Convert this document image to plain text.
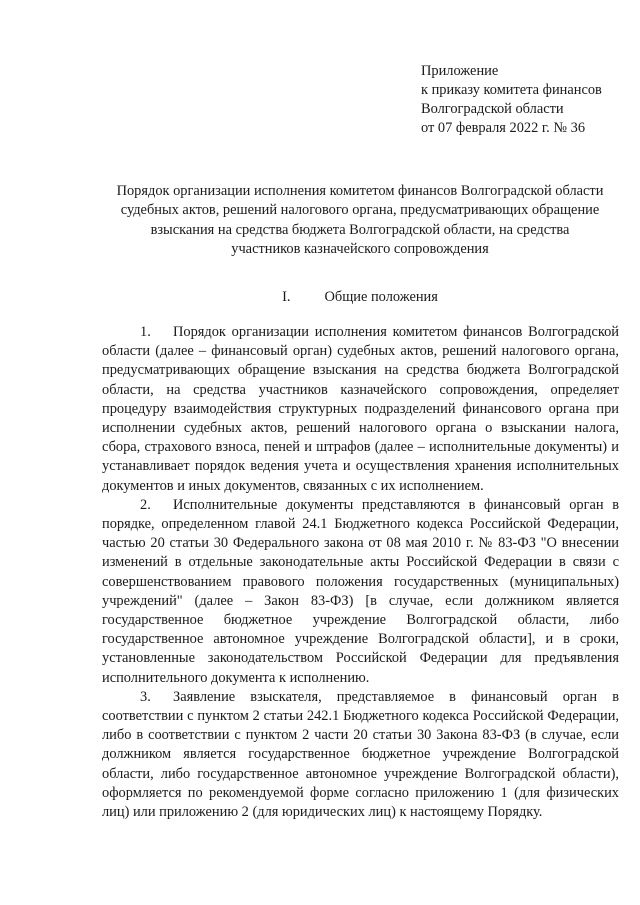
Приложение
к приказу комитета финансов
Волгоградской области
от 07 февраля 2022 г. № 36
Порядок организации исполнения комитетом финансов Волгоградской области
судебных актов, решений налогового органа, предусматривающих обращение
взыскания на средства бюджета Волгоградской области, на средства
участников казначейского сопровождения
I. Общие положения

1. Порядок организации исполнения комитетом финансов Волгоградской области (далее – финансовый орган) судебных актов, решений налогового органа, предусматривающих обращение взыскания на средства бюджета Волгоградской области, на средства участников казначейского сопровождения, определяет процедуру взаимодействия структурных подразделений финансового органа при исполнении судебных актов, решений налогового органа о взыскании налога, сбора, страхового взноса, пеней и штрафов (далее – исполнительные документы) и устанавливает порядок ведения учета и осуществления хранения исполнительных документов и иных документов, связанных с их исполнением.

2. Исполнительные документы представляются в финансовый орган в порядке, определенном главой 24.1 Бюджетного кодекса Российской Федерации, частью 20 статьи 30 Федерального закона от 08 мая 2010 г. № 83-ФЗ "О внесении изменений в отдельные законодательные акты Российской Федерации в связи с совершенствованием правового положения государственных (муниципальных) учреждений" (далее – Закон 83-ФЗ) [в случае, если должником является государственное бюджетное учреждение Волгоградской области, либо государственное автономное учреждение Волгоградской области], и в сроки, установленные законодательством Российской Федерации для предъявления исполнительного документа к исполнению.

3. Заявление взыскателя, представляемое в финансовый орган в соответствии с пунктом 2 статьи 242.1 Бюджетного кодекса Российской Федерации, либо в соответствии с пунктом 2 части 20 статьи 30 Закона 83-ФЗ (в случае, если должником является государственное бюджетное учреждение Волгоградской области, либо государственное автономное учреждение Волгоградской области), оформляется по рекомендуемой форме согласно приложению 1 (для физических лиц) или приложению 2 (для юридических лиц) к настоящему Порядку.
